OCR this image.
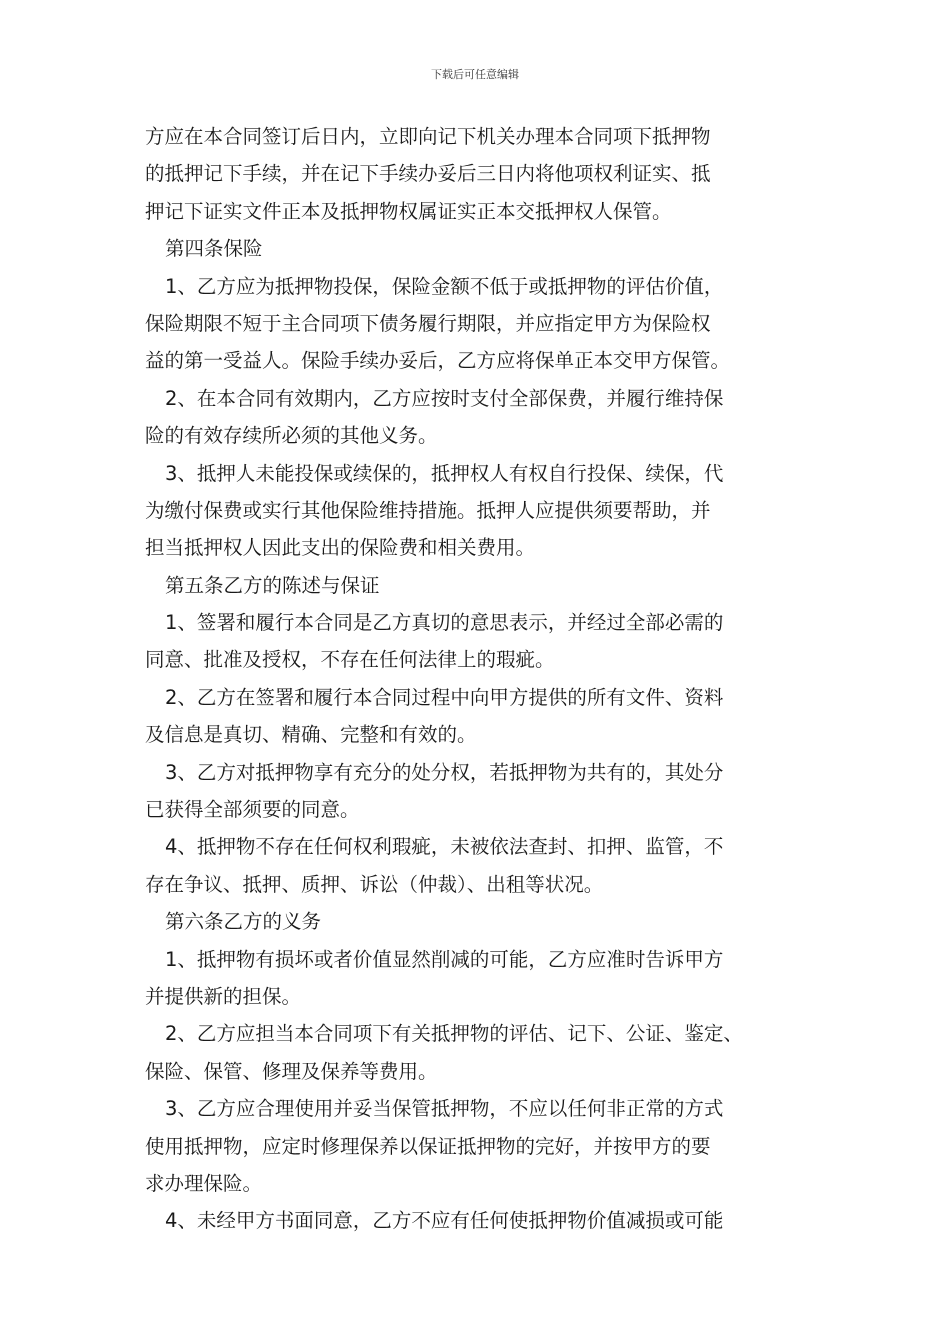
下载后可任意编辑
方应在本合同签订后日内，立即向记下机关办理本合同项下抵押物
的抵押记下手续，并在记下手续办妥后三日内将他项权利证实、抵
押记下证实文件正本及抵押物权属证实正本交抵押权人保管。
第四条保险
1、乙方应为抵押物投保，保险金额不低于或抵押物的评估价值，
保险期限不短于主合同项下债务履行期限，并应指定甲方为保险权
益的第一受益人。保险手续办妥后，乙方应将保单正本交甲方保管。
2、在本合同有效期内，乙方应按时支付全部保费，并履行维持保
险的有效存续所必须的其他义务。
3、抵押人未能投保或续保的，抵押权人有权自行投保、续保，代
为缴付保费或实行其他保险维持措施。抵押人应提供须要帮助，并
担当抵押权人因此支出的保险费和相关费用。
第五条乙方的陈述与保证
1、签署和履行本合同是乙方真切的意思表示，并经过全部必需的
同意、批准及授权，不存在任何法律上的瑕疵。
2、乙方在签署和履行本合同过程中向甲方提供的所有文件、资料
及信息是真切、精确、完整和有效的。
3、乙方对抵押物享有充分的处分权，若抵押物为共有的，其处分
已获得全部须要的同意。
4、抵押物不存在任何权利瑕疵，未被依法查封、扣押、监管，不
存在争议、抵押、质押、诉讼（仲裁）、出租等状况。
第六条乙方的义务
1、抵押物有损坏或者价值显然削减的可能，乙方应准时告诉甲方
并提供新的担保。
2、乙方应担当本合同项下有关抵押物的评估、记下、公证、鉴定、
保险、保管、修理及保养等费用。
3、乙方应合理使用并妥当保管抵押物，不应以任何非正常的方式
使用抵押物，应定时修理保养以保证抵押物的完好，并按甲方的要
求办理保险。
4、未经甲方书面同意，乙方不应有任何使抵押物价值减损或可能
